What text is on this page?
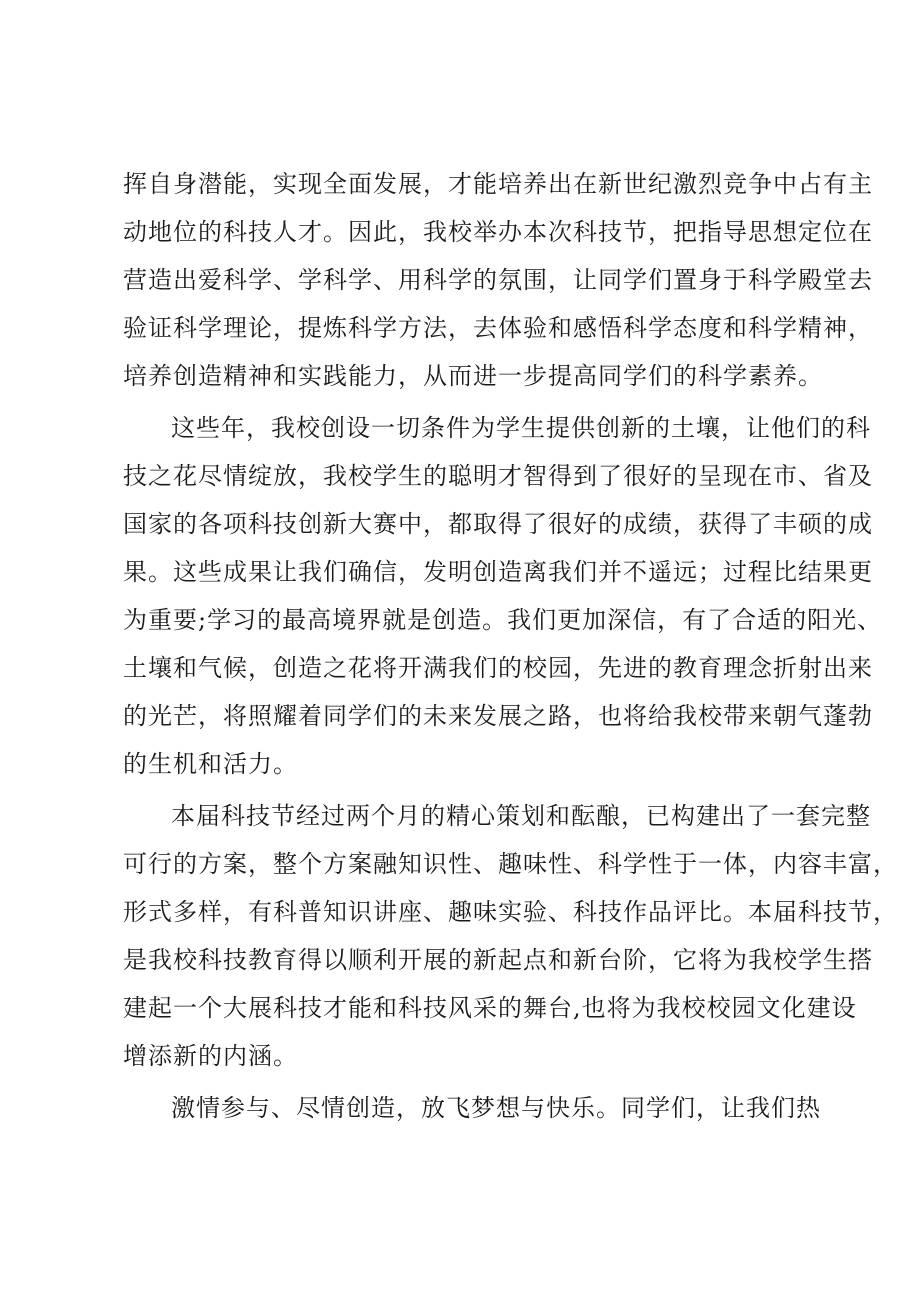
挥自身潜能，实现全面发展，才能培养出在新世纪激烈竞争中占有主
动地位的科技人才。因此，我校举办本次科技节，把指导思想定位在
营造出爱科学、学科学、用科学的氛围，让同学们置身于科学殿堂去
验证科学理论，提炼科学方法，去体验和感悟科学态度和科学精神，
培养创造精神和实践能力，从而进一步提高同学们的科学素养。
这些年，我校创设一切条件为学生提供创新的土壤，让他们的科
技之花尽情绽放，我校学生的聪明才智得到了很好的呈现在市、省及
国家的各项科技创新大赛中，都取得了很好的成绩，获得了丰硕的成
果。这些成果让我们确信，发明创造离我们并不遥远；过程比结果更
为重要;学习的最高境界就是创造。我们更加深信，有了合适的阳光、
土壤和气候，创造之花将开满我们的校园，先进的教育理念折射出来
的光芒，将照耀着同学们的未来发展之路，也将给我校带来朝气蓬勃
的生机和活力。
本届科技节经过两个月的精心策划和酝酿，已构建出了一套完整
可行的方案，整个方案融知识性、趣味性、科学性于一体，内容丰富，
形式多样，有科普知识讲座、趣味实验、科技作品评比。本届科技节，
是我校科技教育得以顺利开展的新起点和新台阶，它将为我校学生搭
建起一个大展科技才能和科技风采的舞台,也将为我校校园文化建设
增添新的内涵。
激情参与、尽情创造，放飞梦想与快乐。同学们，让我们热
